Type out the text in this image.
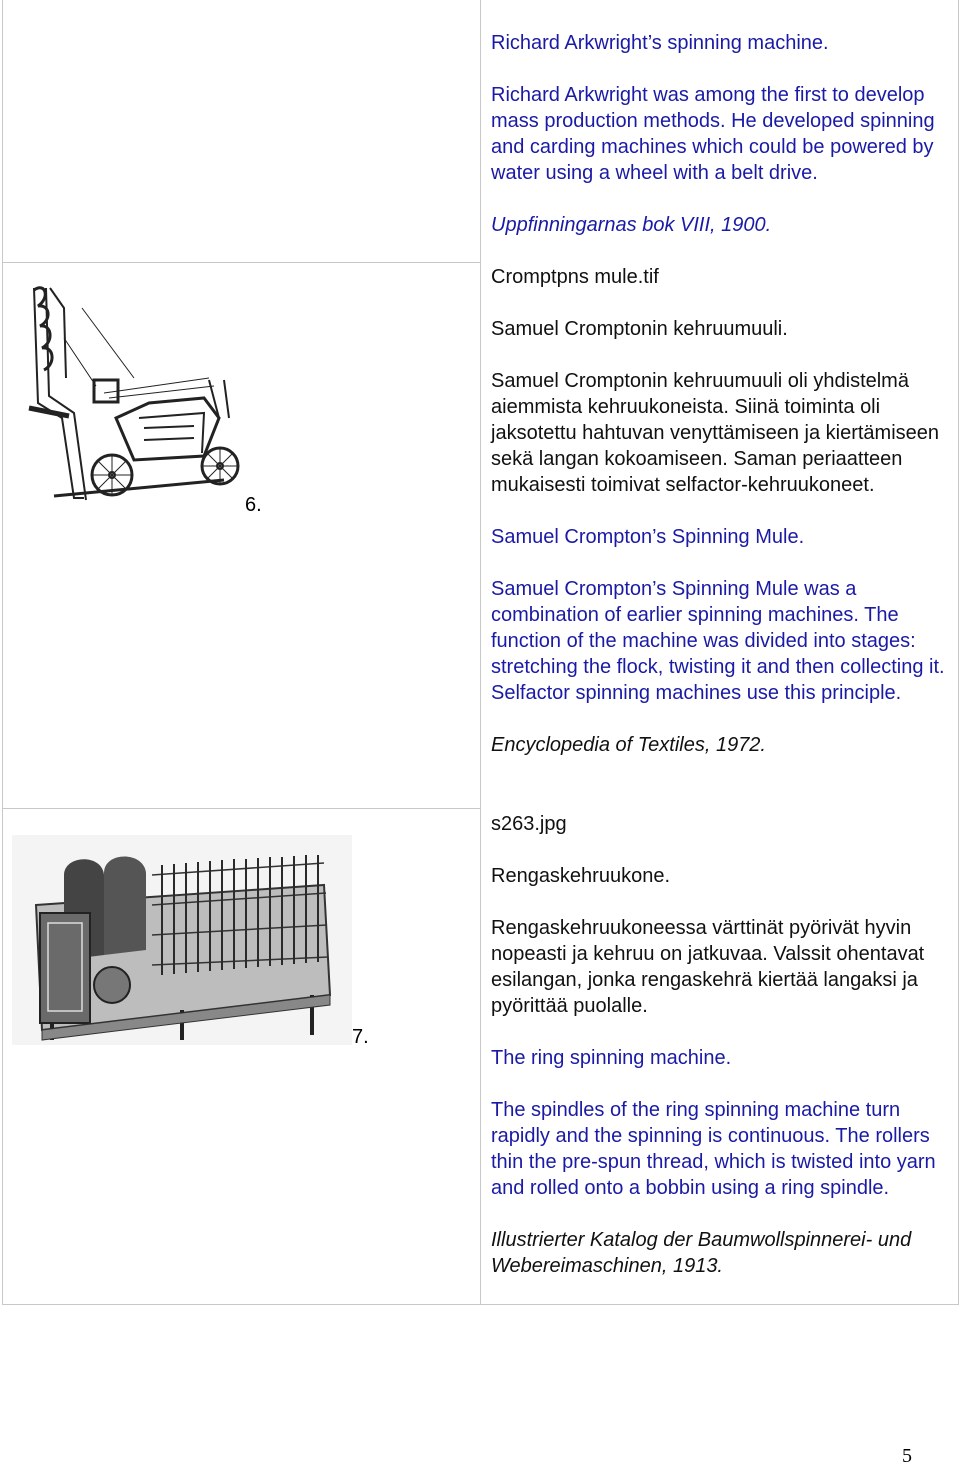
6.
7.

Richard Arkwright’s spinning machine.

Richard Arkwright was among the first to develop mass production methods. He developed spinning and carding machines which could be powered by water using a wheel with a belt drive.

Uppfinningarnas bok VIII, 1900.

Cromptpns mule.tif

Samuel Cromptonin kehruumuuli.

Samuel Cromptonin kehruumuuli oli yhdistelmä aiemmista kehruukoneista. Siinä toiminta oli jaksotettu hahtuvan venyttämiseen ja kiertämiseen sekä langan kokoamiseen. Saman periaatteen mukaisesti toimivat selfactor-kehruukoneet.

Samuel Crompton’s Spinning Mule.

Samuel Crompton’s Spinning Mule was a combination of earlier spinning machines. The function of the machine was divided into stages: stretching the flock, twisting it and then collecting it. Selfactor spinning machines use this principle.

Encyclopedia of Textiles, 1972.

s263.jpg

Rengaskehruukone.

Rengaskehruukoneessa värttinät pyörivät hyvin nopeasti ja kehruu on jatkuvaa. Valssit ohentavat esilangan, jonka rengaskehrä kiertää langaksi ja pyörittää puolalle.

The ring spinning machine.

The spindles of the ring spinning machine turn rapidly and the spinning is continuous. The rollers thin the pre-spun thread, which is twisted into yarn and rolled onto a bobbin using a ring spindle.

Illustrierter Katalog der Baumwollspinnerei- und Webereimaschinen, 1913.

5
